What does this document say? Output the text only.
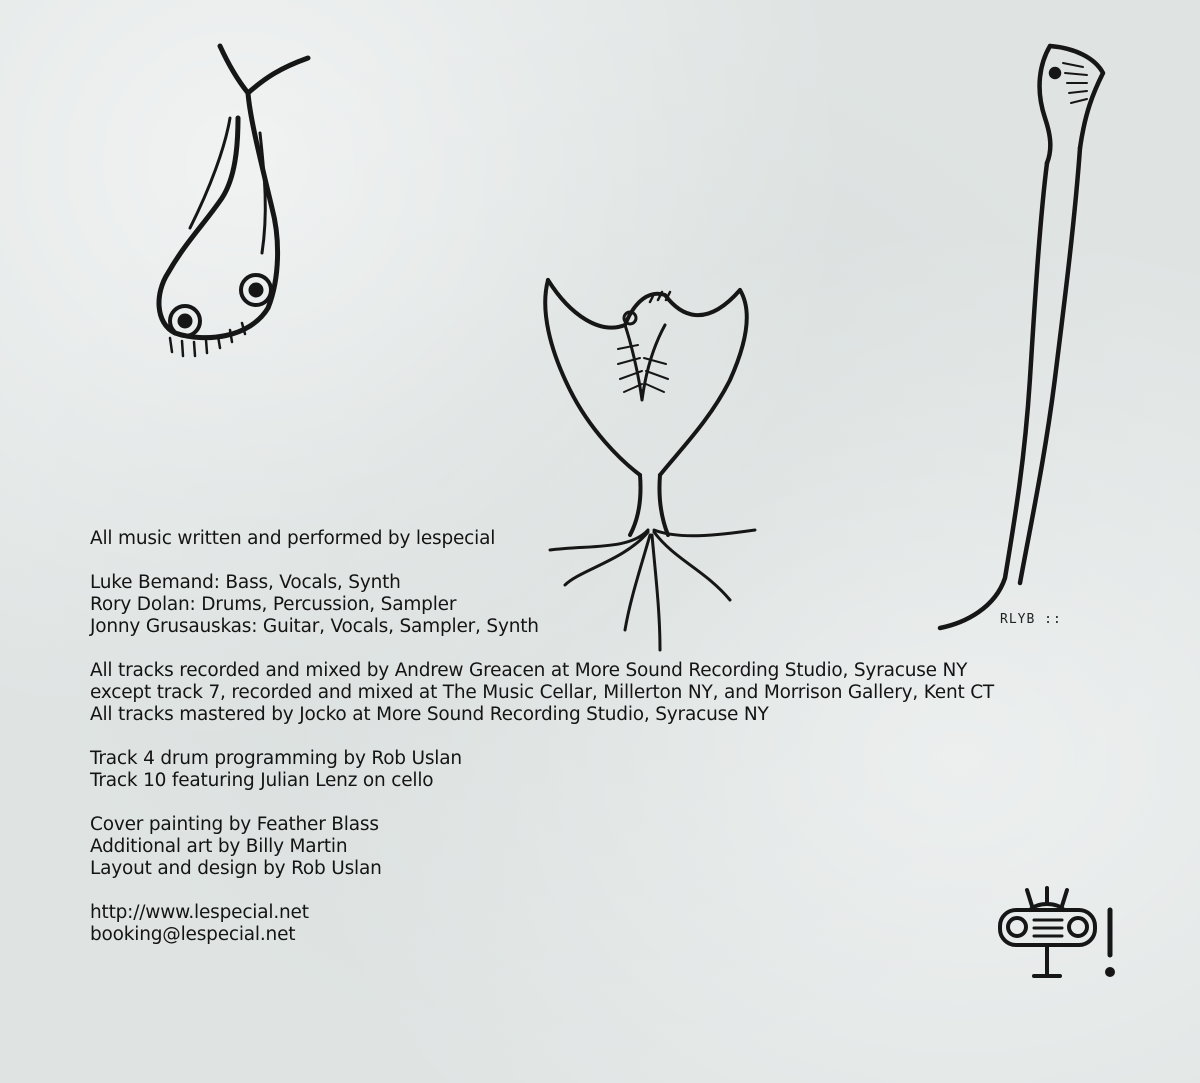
RLYB ::
All music written and performed by lespecial
Luke Bemand: Bass, Vocals, Synth
Rory Dolan: Drums, Percussion, Sampler
Jonny Grusauskas: Guitar, Vocals, Sampler, Synth
All tracks recorded and mixed by Andrew Greacen at More Sound Recording Studio, Syracuse NY
except track 7, recorded and mixed at The Music Cellar, Millerton NY, and Morrison Gallery, Kent CT
All tracks mastered by Jocko at More Sound Recording Studio, Syracuse NY
Track 4 drum programming by Rob Uslan
Track 10 featuring Julian Lenz on cello
Cover painting by Feather Blass
Additional art by Billy Martin
Layout and design by Rob Uslan
http://www.lespecial.net
booking@lespecial.net
